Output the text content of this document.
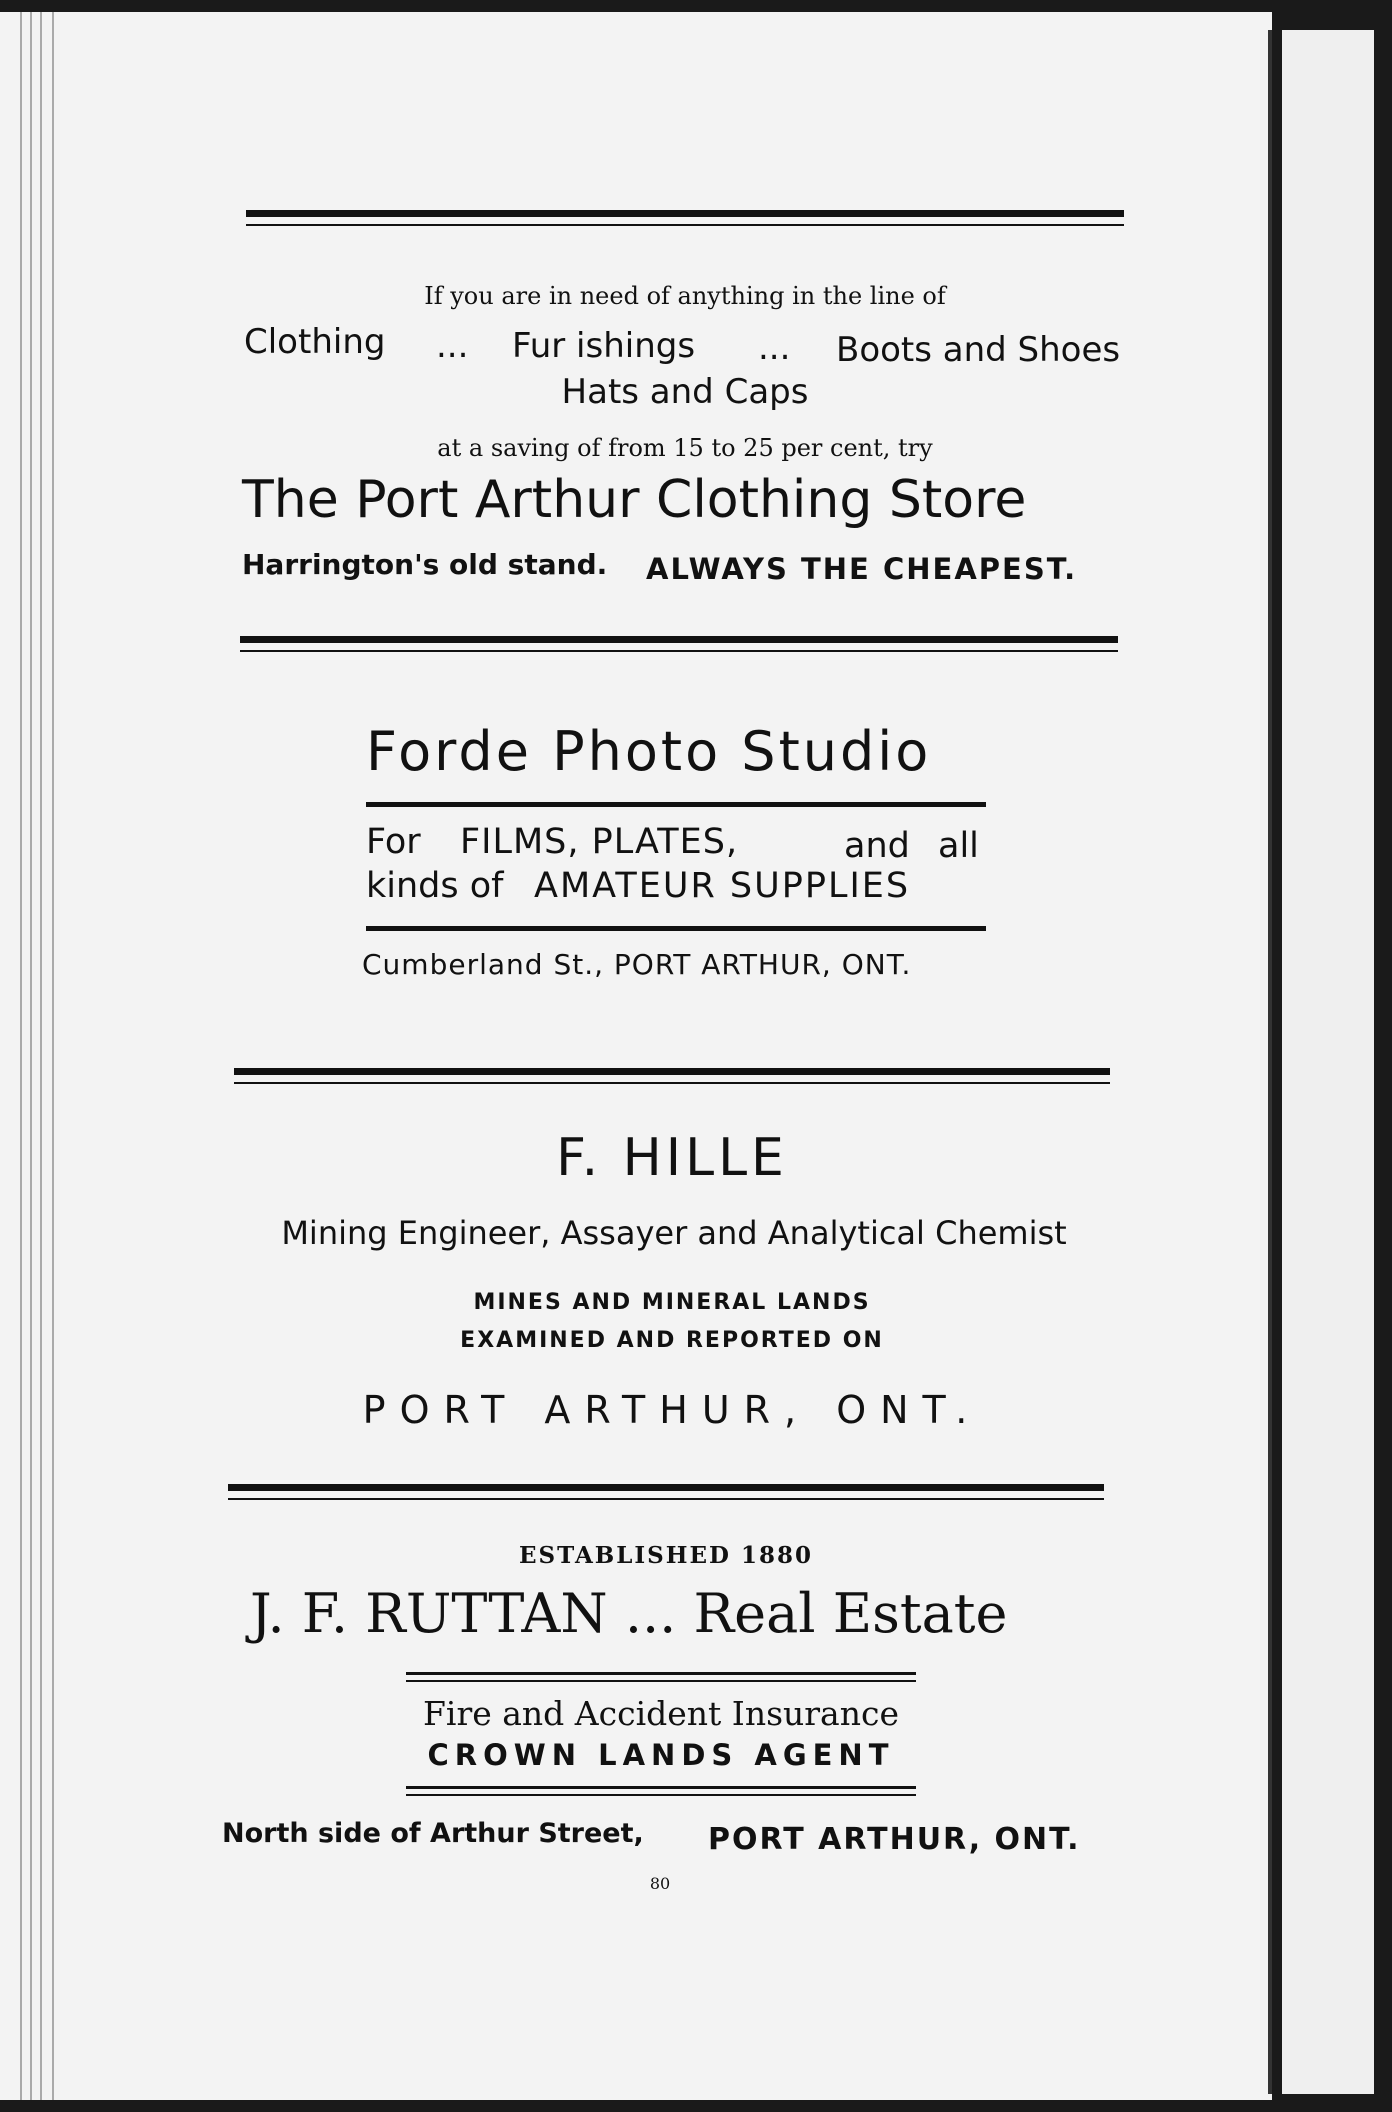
If you are in need of anything in the line of
Clothing ... Fur ishings ... Boots and Shoes
Hats and Caps
at a saving of from 15 to 25 per cent, try
The Port Arthur Clothing Store
Harrington's old stand. ALWAYS THE CHEAPEST.
Forde Photo Studio
For FILMS, PLATES,	and all
kinds of AMATEUR SUPPLIES
Cumberland St., PORT ARTHUR, ONT.
F. HILLE
Mining Engineer, Assayer and Analytical Chemist
MINES AND MINERAL LANDS
EXAMINED AND REPORTED ON
PORT ARTHUR, ONT.
ESTABLISHED 1880
J. F. RUTTAN ... Real Estate
Fire and Accident Insurance
CROWN LANDS AGENT
North side of Arthur Street, PORT ARTHUR, ONT.
80
